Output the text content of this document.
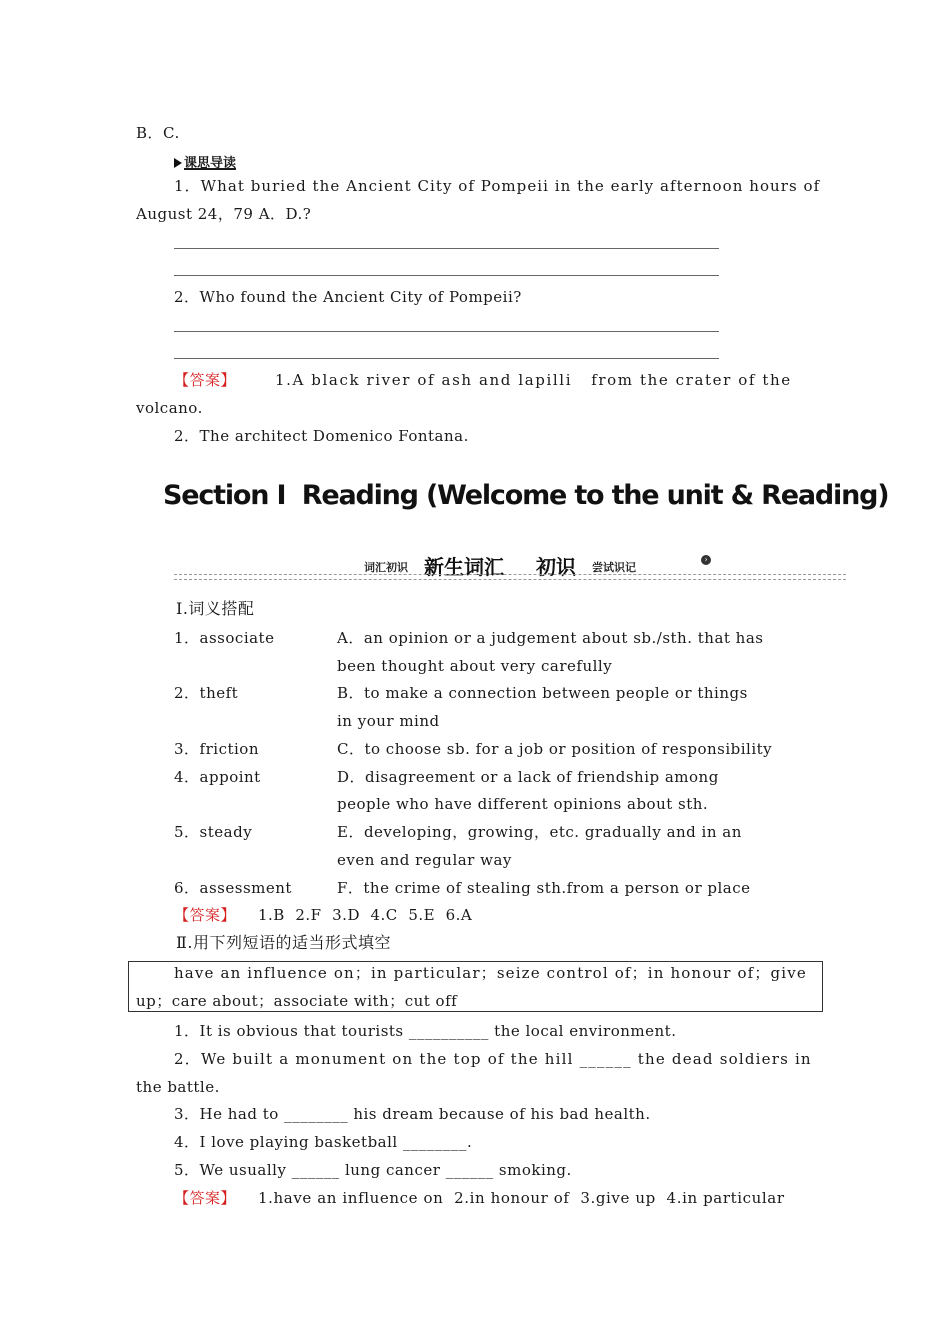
B．C.
课思导读
1．What buried the Ancient City of Pompeii in the early afternoon hours of
August 24，79 A．D.?
2．Who found the Ancient City of Pompeii?
【答案】	1.A black river of ash and lapilli   from the crater of the
volcano.
2．The architect Domenico Fontana.
Section Ⅰ  Reading (Welcome to the unit & Reading)
词汇初识 新生词汇	›
初识 尝试识记
Ⅰ.词义搭配
1．associate	A．an opinion or a judgement about sb./sth. that has
been thought about very carefully
2．theft	B．to make a connection between people or things
in your mind
3．friction	C．to choose sb. for a job or position of responsibility
4．appoint	D．disagreement or a lack of friendship among
people who have different opinions about sth.
5．steady	E．developing，growing，etc. gradually and in an
even and regular way
6．assessment	F．the crime of stealing sth.from a person or place
【答案】 1.B  2.F  3.D  4.C  5.E  6.A
Ⅱ.用下列短语的适当形式填空
have an influence on；in particular；seize control of；in honour of；give
up；care about；associate with；cut off
1．It is obvious that tourists __________ the local environment.
2．We built a monument on the top of the hill ______ the dead soldiers in
the battle.
3．He had to ________ his dream because of his bad health.
4．I love playing basketball ________.
5．We usually ______ lung cancer ______ smoking.
【答案】 1.have an influence on  2.in honour of  3.give up  4.in particular
